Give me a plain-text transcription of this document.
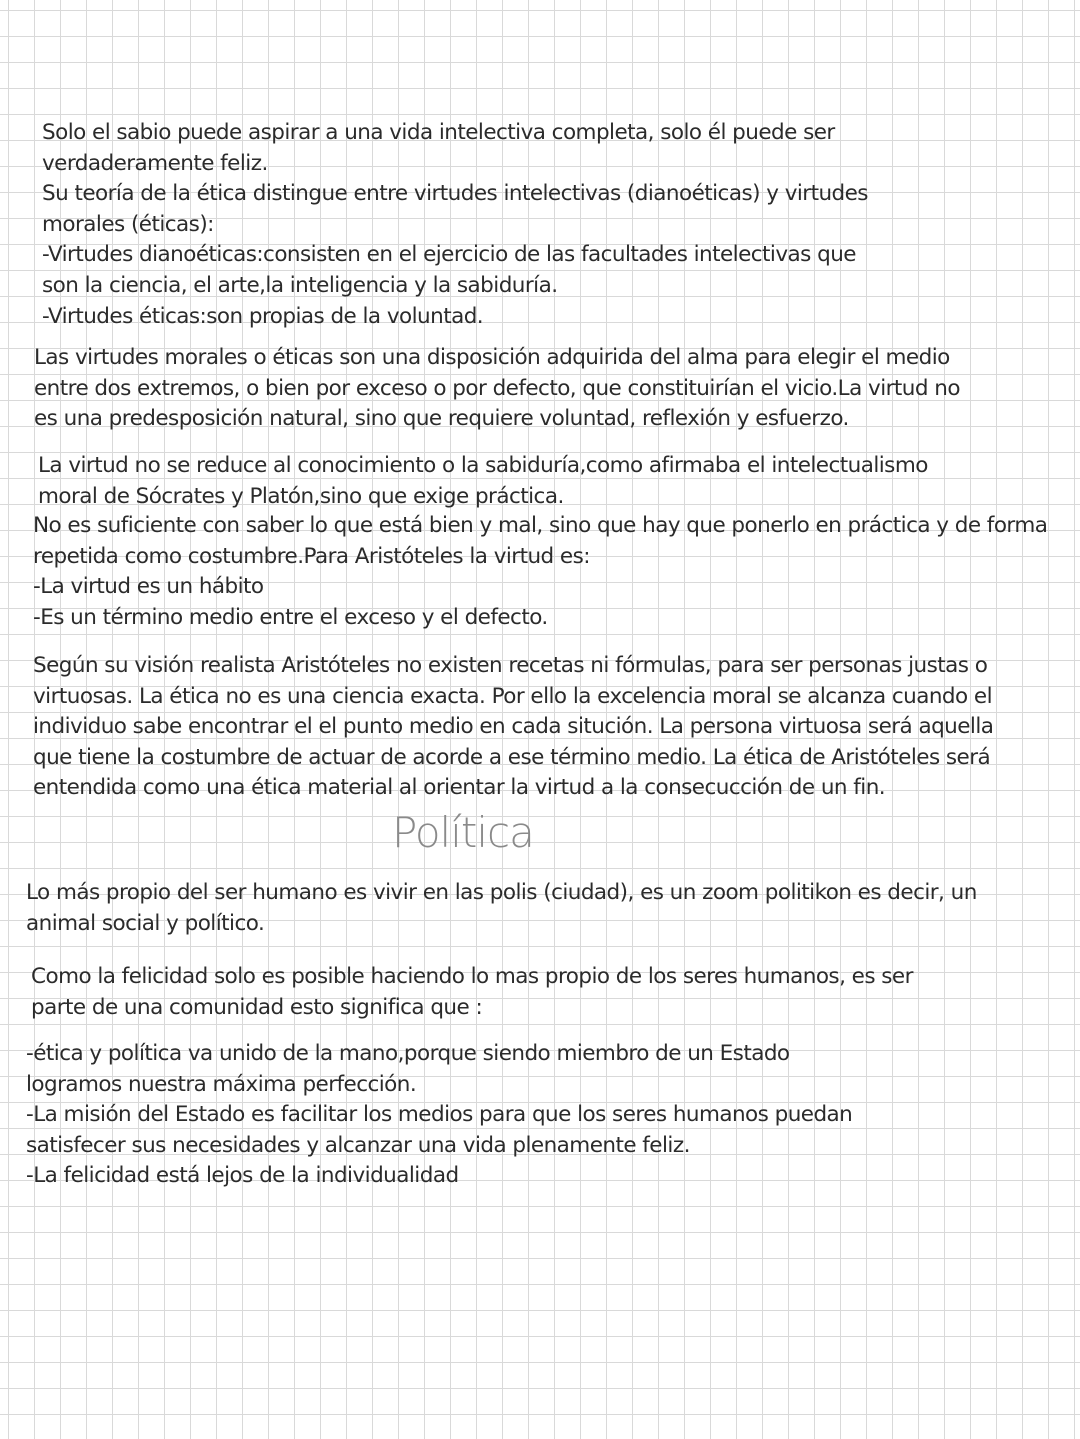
Solo el sabio puede aspirar a una vida intelectiva completa, solo él puede ser
verdaderamente feliz.
Su teoría de la ética distingue entre virtudes intelectivas (dianoéticas) y virtudes
morales (éticas):
-Virtudes dianoéticas:consisten en el ejercicio de las facultades intelectivas que
son la ciencia, el arte,la inteligencia y la sabiduría.
-Virtudes éticas:son propias de la voluntad.
Las virtudes morales o éticas son una disposición adquirida del alma para elegir el medio
entre dos extremos, o bien por exceso o por defecto, que constituirían el vicio.La virtud no
es una predesposición natural, sino que requiere voluntad, reflexión y esfuerzo.
La virtud no se reduce al conocimiento o la sabiduría,como afirmaba el intelectualismo
moral de Sócrates y Platón,sino que exige práctica.
No es suficiente con saber lo que está bien y mal, sino que hay que ponerlo en práctica y de forma
repetida como costumbre.Para Aristóteles la virtud es:
-La virtud es un hábito
-Es un término medio entre el exceso y el defecto.
Según su visión realista Aristóteles no existen recetas ni fórmulas, para ser personas justas o
virtuosas. La ética no es una ciencia exacta. Por ello la excelencia moral se alcanza cuando el
individuo sabe encontrar el el punto medio en cada situción. La persona virtuosa será aquella
que tiene la costumbre de actuar de acorde a ese término medio. La ética de Aristóteles será
entendida como una ética material al orientar la virtud a la consecucción de un fin.
Política
Lo más propio del ser humano es vivir en las polis (ciudad), es un zoom politikon es decir, un
animal social y político.
Como la felicidad solo es posible haciendo lo mas propio de los seres humanos, es ser
parte de una comunidad esto significa que :
-ética y política va unido de la mano,porque siendo miembro de un Estado
logramos nuestra máxima perfección.
-La misión del Estado es facilitar los medios para que los seres humanos puedan
satisfecer sus necesidades y alcanzar una vida plenamente feliz.
-La felicidad está lejos de la individualidad
